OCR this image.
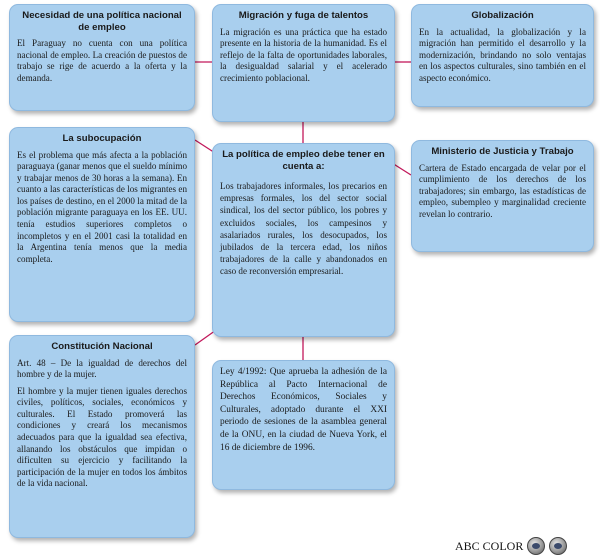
Necesidad de una política nacional de empleo

El Paraguay no cuenta con una política nacional de empleo. La creación de puestos de trabajo se rige de acuerdo a la oferta y la demanda.

Migración y fuga de talentos

La migración es una práctica que ha estado presente en la historia de la humanidad. Es el reflejo de la falta de oportunidades laborales, la desigualdad salarial y el acelerado crecimiento poblacional.

Globalización

En la actualidad, la globalización y la migración han permitido el desarrollo y la modernización, brindando no solo ventajas en los aspectos culturales, sino también en el aspecto económico.

La subocupación

Es el problema que más afecta a la población paraguaya (ganar menos que el sueldo mínimo y trabajar menos de 30 horas a la semana). En cuanto a las características de los migrantes en los países de destino, en el 2000 la mitad de la población migrante paraguaya en los EE. UU. tenía estudios superiores completos o incompletos y en el 2001 casi la totalidad en la Argentina tenía menos que la media completa.

La política de empleo debe tener en cuenta a:

Los trabajadores informales, los precarios en empresas formales, los del sector social sindical, los del sector público, los pobres y excluidos sociales, los campesinos y asalariados rurales, los desocupados, los jubilados de la tercera edad, los niños trabajadores de la calle y abandonados en caso de reconversión empresarial.

Ministerio de Justicia y Trabajo

Cartera de Estado encargada de velar por el cumplimiento de los derechos de los trabajadores; sin embargo, las estadísticas de empleo, subempleo y marginalidad creciente revelan lo contrario.

Constitución Nacional

Art. 48 – De la igualdad de derechos del hombre y de la mujer.

El hombre y la mujer tienen iguales derechos civiles, políticos, sociales, económicos y culturales. El Estado promoverá las condiciones y creará los mecanismos adecuados para que la igualdad sea efectiva, allanando los obstáculos que impidan o dificulten su ejercicio y facilitando la participación de la mujer en todos los ámbitos de la vida nacional.

Ley 4/1992: Que aprueba la adhesión de la República al Pacto Internacional de Derechos Económicos, Sociales y Culturales, adoptado durante el XXI periodo de sesiones de la asamblea general de la ONU, en la ciudad de Nueva York, el 16 de diciembre de 1996.

ABC COLOR
